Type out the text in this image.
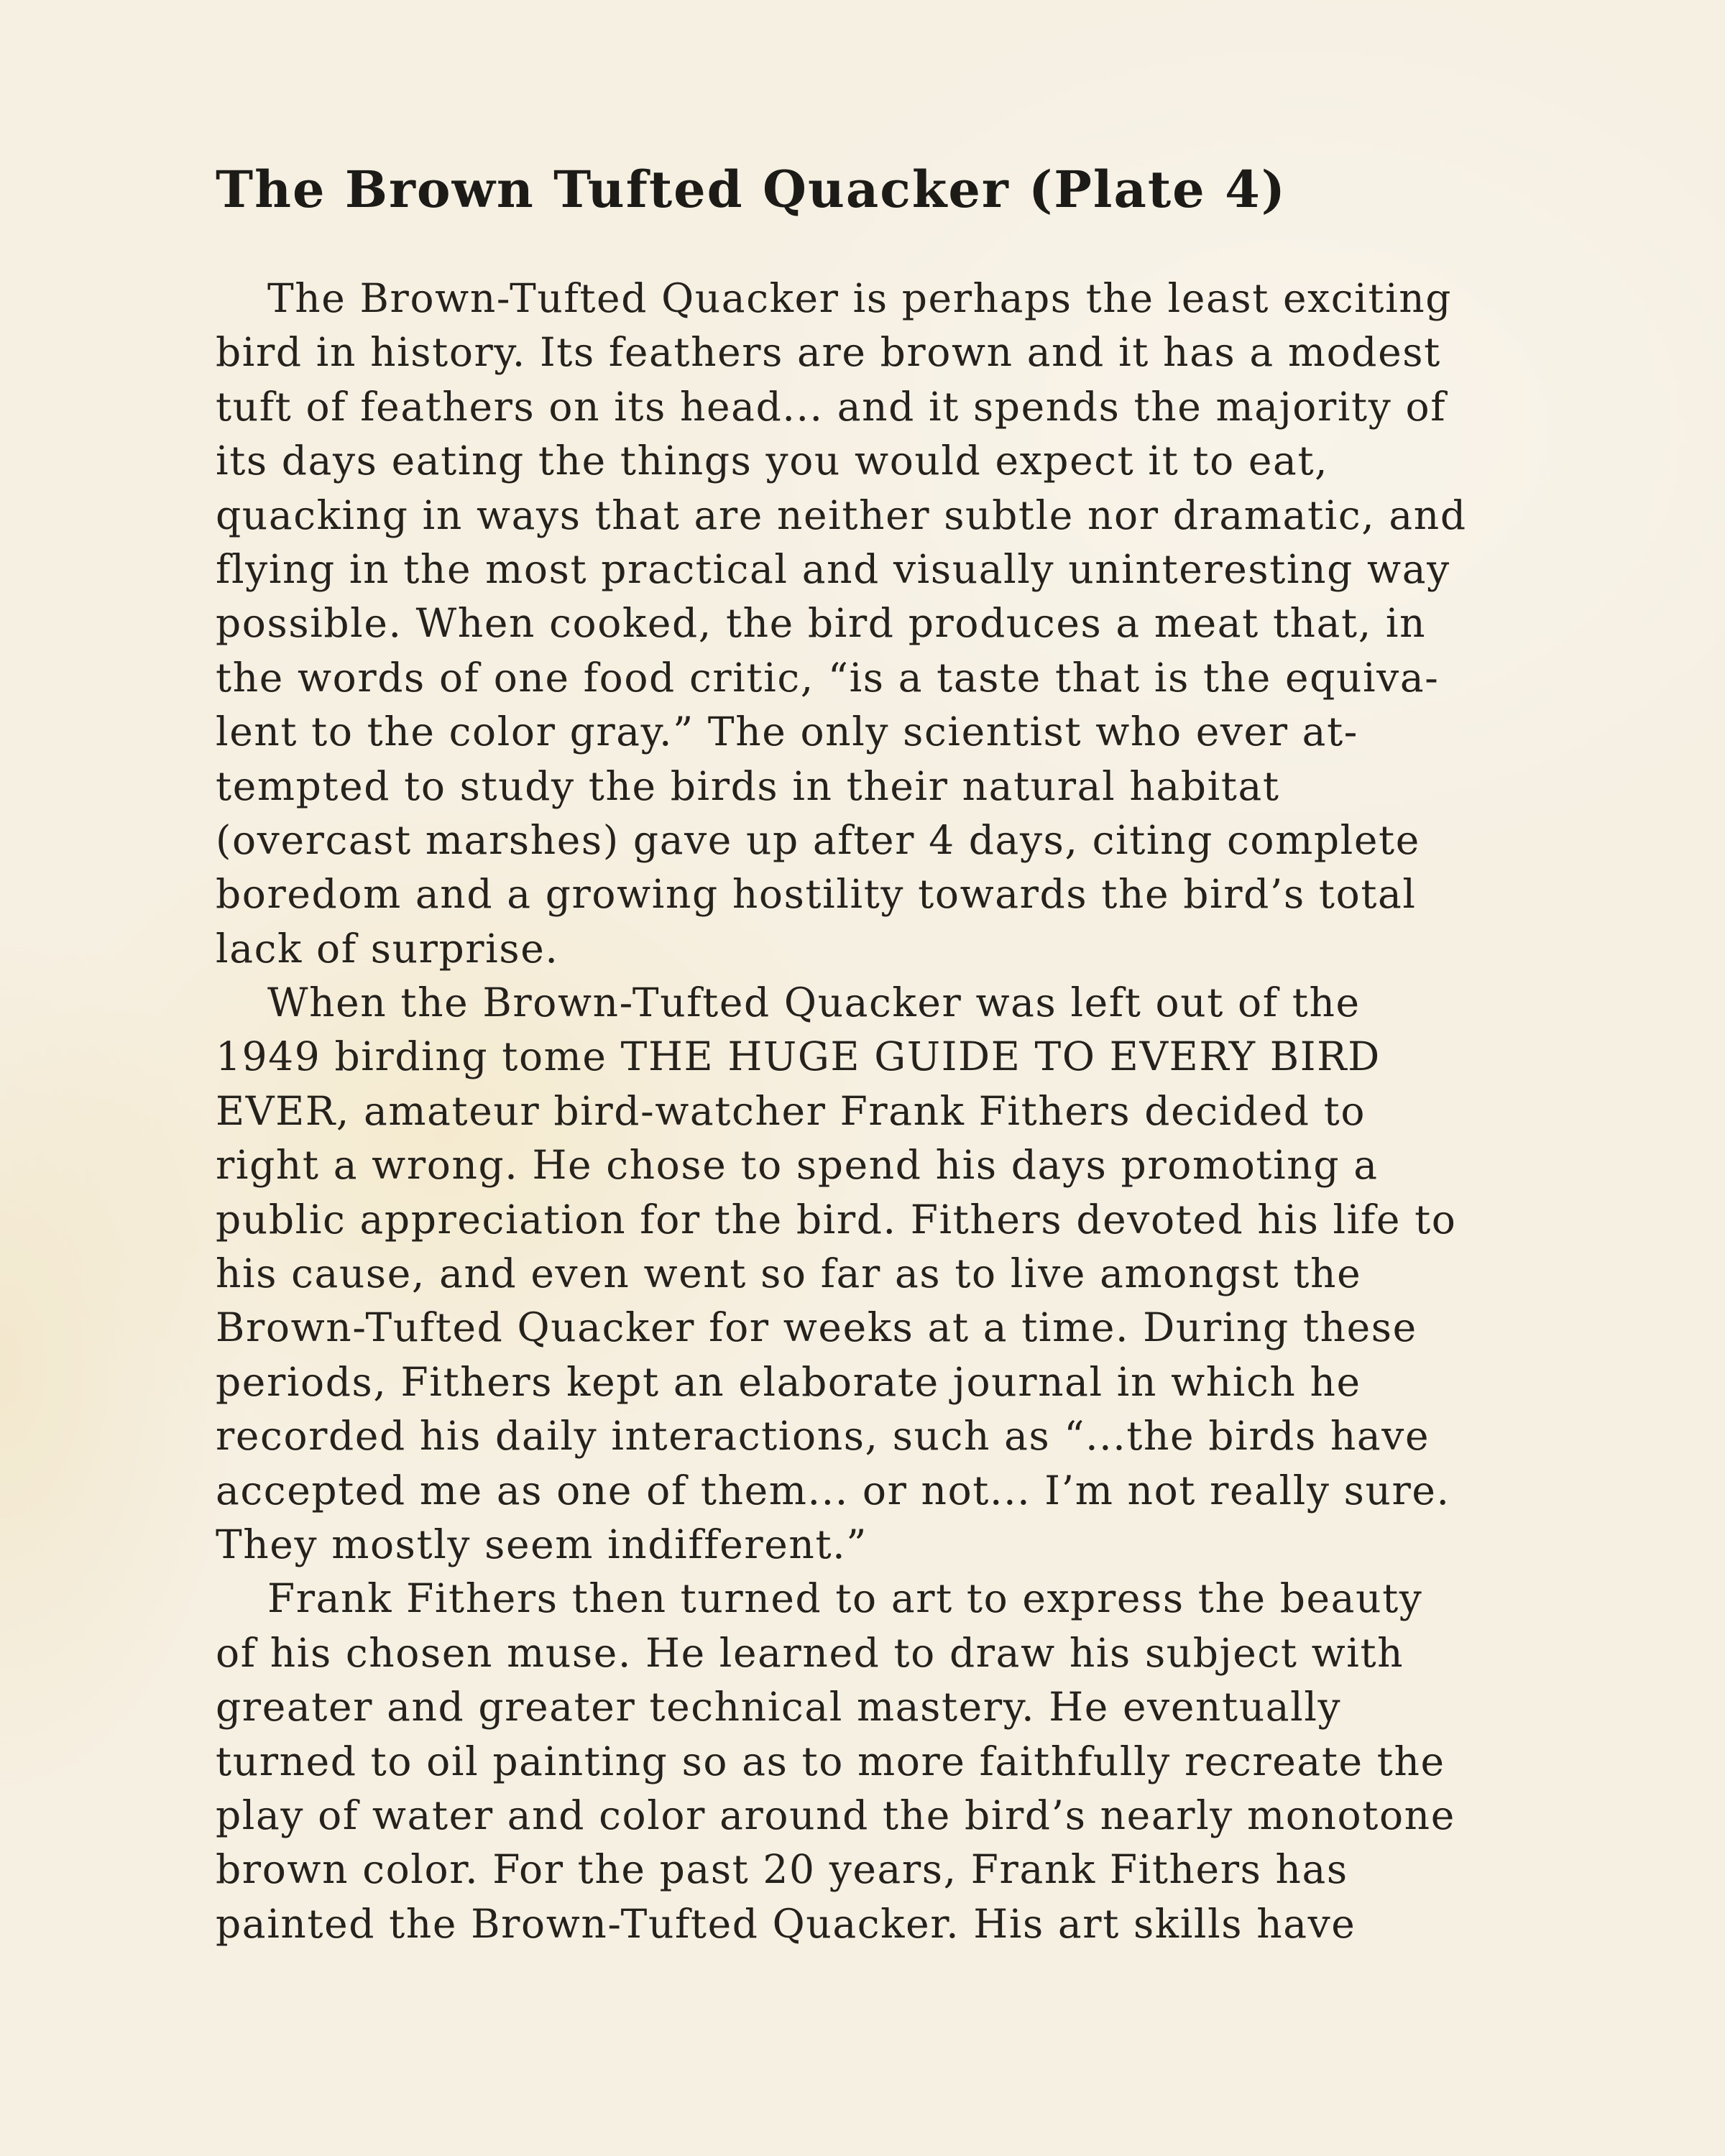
The Brown Tufted Quacker (Plate 4)
The Brown-Tufted Quacker is perhaps the least exciting
bird in history. Its feathers are brown and it has a modest
tuft of feathers on its head... and it spends the majority of
its days eating the things you would expect it to eat,
quacking in ways that are neither subtle nor dramatic, and
flying in the most practical and visually uninteresting way
possible. When cooked, the bird produces a meat that, in
the words of one food critic, “is a taste that is the equiva-
lent to the color gray.” The only scientist who ever at-
tempted to study the birds in their natural habitat
(overcast marshes) gave up after 4 days, citing complete
boredom and a growing hostility towards the bird’s total
lack of surprise.
When the Brown-Tufted Quacker was left out of the
1949 birding tome THE HUGE GUIDE TO EVERY BIRD
EVER, amateur bird-watcher Frank Fithers decided to
right a wrong. He chose to spend his days promoting a
public appreciation for the bird. Fithers devoted his life to
his cause, and even went so far as to live amongst the
Brown-Tufted Quacker for weeks at a time. During these
periods, Fithers kept an elaborate journal in which he
recorded his daily interactions, such as “...the birds have
accepted me as one of them... or not... I’m not really sure.
They mostly seem indifferent.”
Frank Fithers then turned to art to express the beauty
of his chosen muse. He learned to draw his subject with
greater and greater technical mastery. He eventually
turned to oil painting so as to more faithfully recreate the
play of water and color around the bird’s nearly monotone
brown color. For the past 20 years, Frank Fithers has
painted the Brown-Tufted Quacker. His art skills have
